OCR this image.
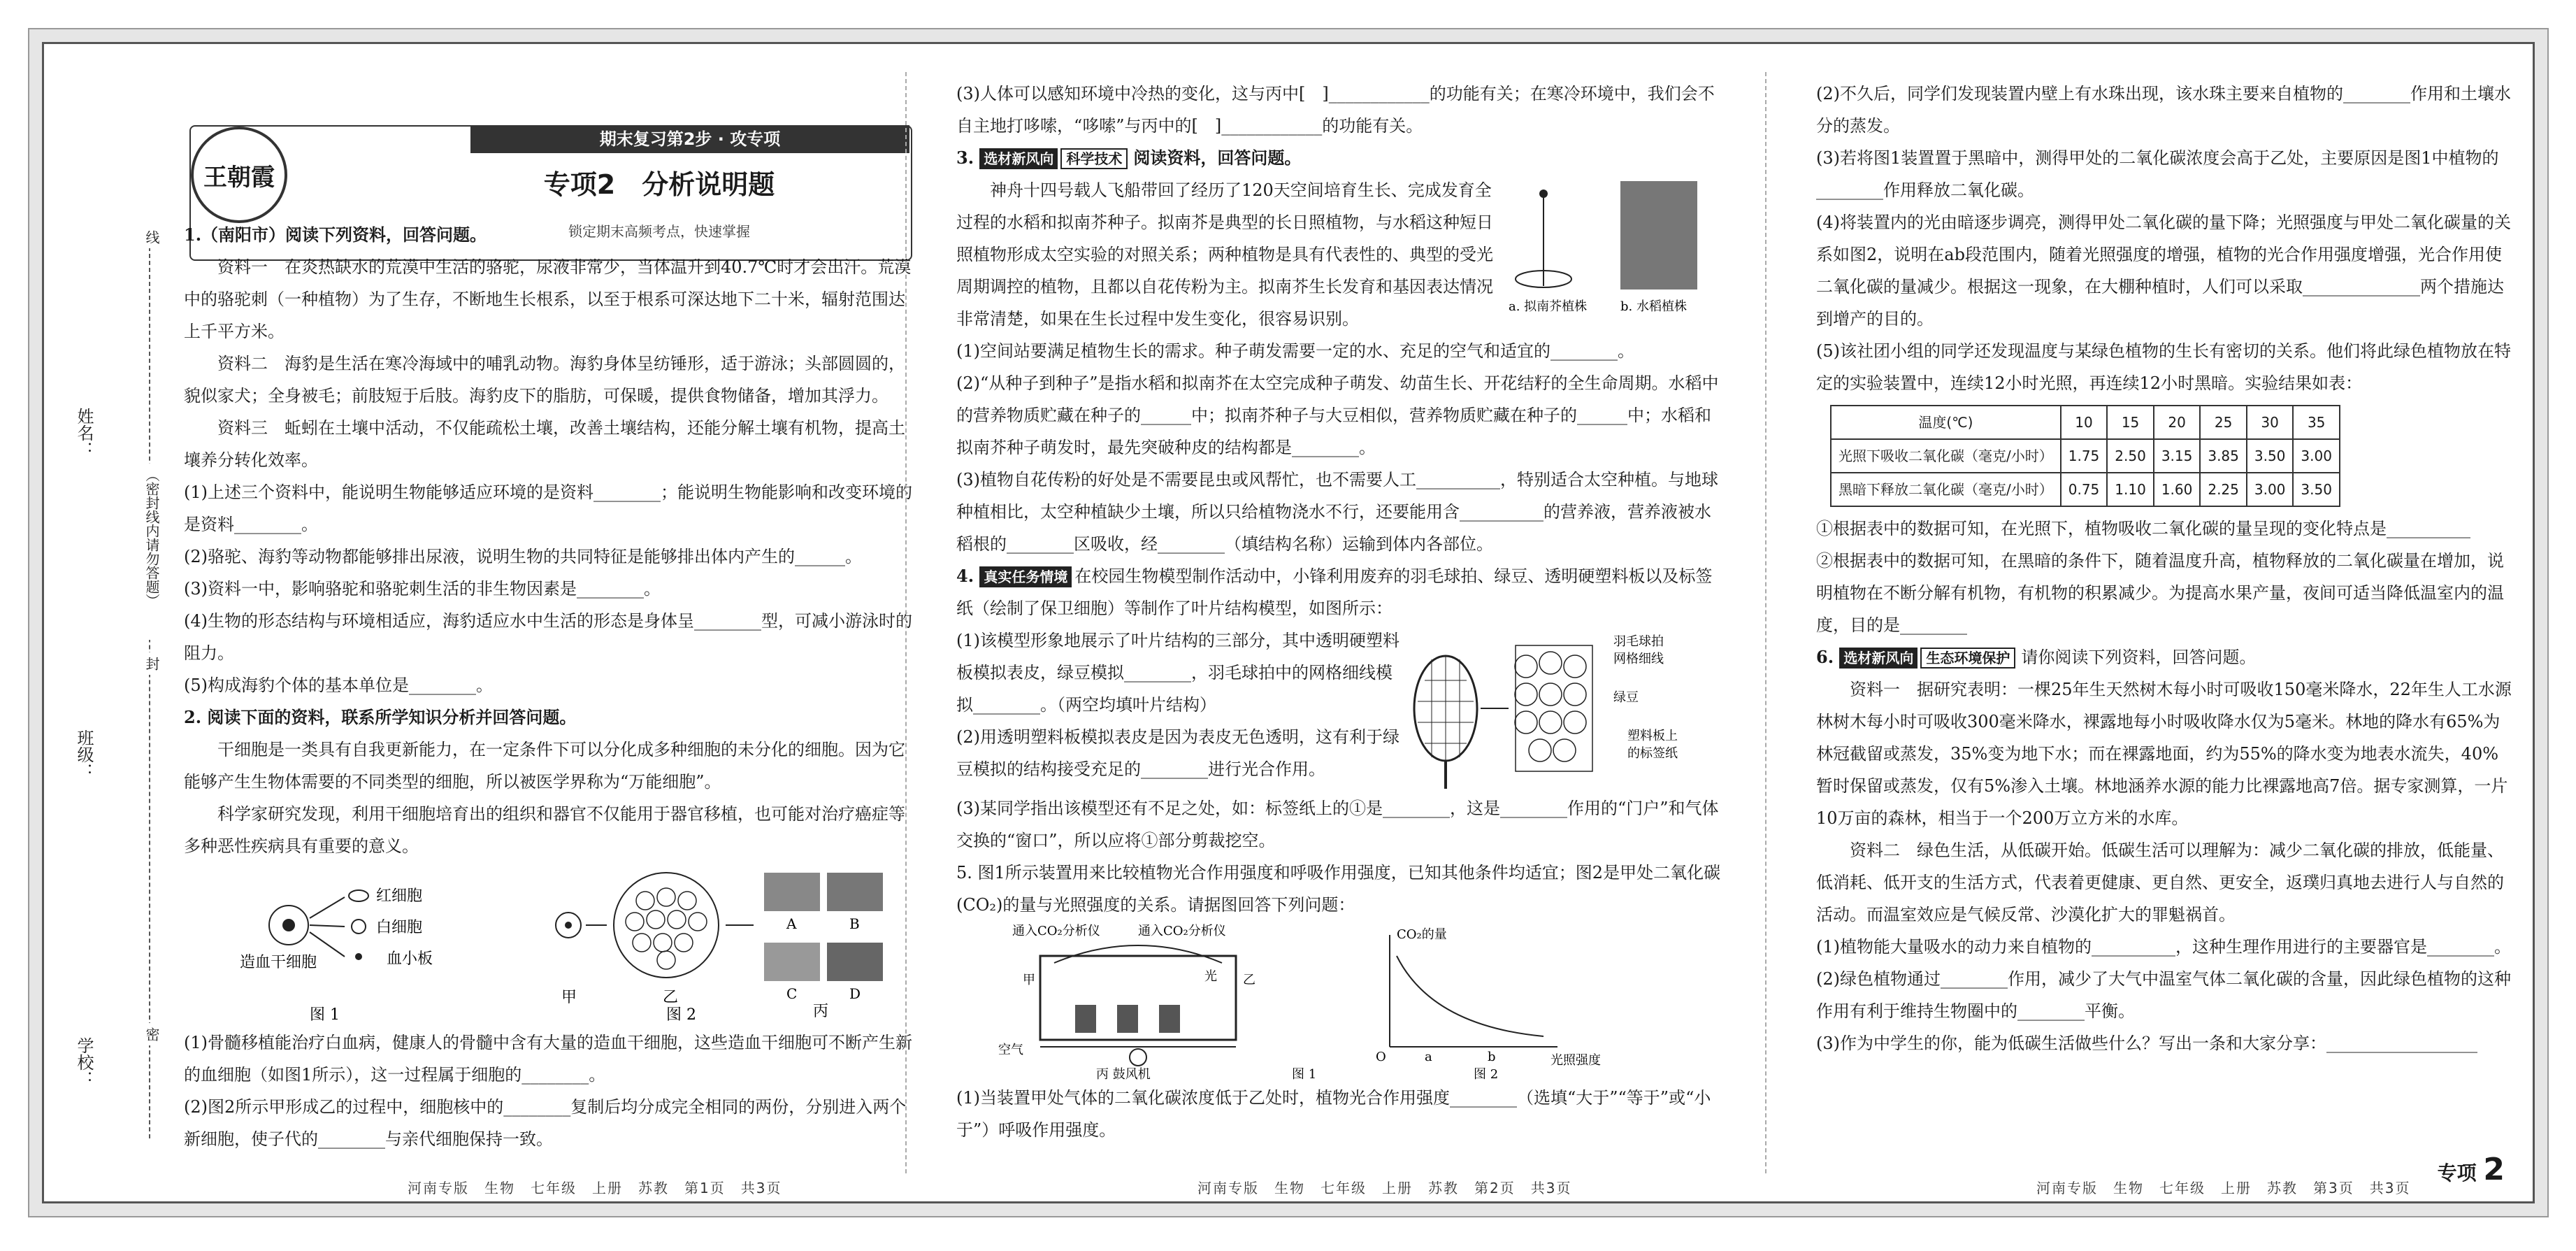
姓名：
班级：
学校：
线
（密封线内请勿答题）
封
密
王朝霞
期末复习第2步 · 攻专项
专项2　分析说明题
锁定期末高频考点，快速掌握

1.（南阳市）阅读下列资料，回答问题。

资料一　在炎热缺水的荒漠中生活的骆驼，尿液非常少，当体温升到40.7℃时才会出汗。荒漠中的骆驼刺（一种植物）为了生存，不断地生长根系，以至于根系可深达地下二十米，辐射范围达上千平方米。

资料二　海豹是生活在寒冷海域中的哺乳动物。海豹身体呈纺锤形，适于游泳；头部圆圆的，貌似家犬；全身被毛；前肢短于后肢。海豹皮下的脂肪，可保暖，提供食物储备，增加其浮力。

资料三　蚯蚓在土壤中活动，不仅能疏松土壤，改善土壤结构，还能分解土壤有机物，提高土壤养分转化效率。

(1)上述三个资料中，能说明生物能够适应环境的是资料________；能说明生物能影响和改变环境的是资料________。

(2)骆驼、海豹等动物都能够排出尿液，说明生物的共同特征是能够排出体内产生的______。

(3)资料一中，影响骆驼和骆驼刺生活的非生物因素是________。

(4)生物的形态结构与环境相适应，海豹适应水中生活的形态是身体呈________型，可减小游泳时的阻力。

(5)构成海豹个体的基本单位是________。

2. 阅读下面的资料，联系所学知识分析并回答问题。

干细胞是一类具有自我更新能力，在一定条件下可以分化成多种细胞的未分化的细胞。因为它能够产生生物体需要的不同类型的细胞，所以被医学界称为“万能细胞”。

科学家研究发现，利用干细胞培育出的组织和器官不仅能用于器官移植，也可能对治疗癌症等多种恶性疾病具有重要的意义。

红细胞
白细胞
血小板
造血干细胞
图 1
A	B
C	D
甲	乙
丙
图 2

(1)骨髓移植能治疗白血病，健康人的骨髓中含有大量的造血干细胞，这些造血干细胞可不断产生新的血细胞（如图1所示），这一过程属于细胞的________。

(2)图2所示甲形成乙的过程中，细胞核中的________复制后均分成完全相同的两份，分别进入两个新细胞，使子代的________与亲代细胞保持一致。

(3)人体可以感知环境中冷热的变化，这与丙中[　]____________的功能有关；在寒冷环境中，我们会不自主地打哆嗦，“哆嗦”与丙中的[　]____________的功能有关。

3. 选材新风向 科学技术 阅读资料，回答问题。

神舟十四号载人飞船带回了经历了120天空间培育生长、完成发育全过程的水稻和拟南芥种子。拟南芥是典型的长日照植物，与水稻这种短日照植物形成太空实验的对照关系；两种植物是具有代表性的、典型的受光周期调控的植物，且都以自花传粉为主。拟南芥生长发育和基因表达情况非常清楚，如果在生长过程中发生变化，很容易识别。

a. 拟南芥植株	b. 水稻植株

(1)空间站要满足植物生长的需求。种子萌发需要一定的水、充足的空气和适宜的________。

(2)“从种子到种子”是指水稻和拟南芥在太空完成种子萌发、幼苗生长、开花结籽的全生命周期。水稻中的营养物质贮藏在种子的______中；拟南芥种子与大豆相似，营养物质贮藏在种子的______中；水稻和拟南芥种子萌发时，最先突破种皮的结构都是________。

(3)植物自花传粉的好处是不需要昆虫或风帮忙，也不需要人工__________，特别适合太空种植。与地球种植相比，太空种植缺少土壤，所以只给植物浇水不行，还要能用含__________的营养液，营养液被水稻根的________区吸收，经________（填结构名称）运输到体内各部位。

4. 真实任务情境 在校园生物模型制作活动中，小锋利用废弃的羽毛球拍、绿豆、透明硬塑料板以及标签纸（绘制了保卫细胞）等制作了叶片结构模型，如图所示：

(1)该模型形象地展示了叶片结构的三部分，其中透明硬塑料板模拟表皮，绿豆模拟________，羽毛球拍中的网格细线模拟________。（两空均填叶片结构）

(2)用透明塑料板模拟表皮是因为表皮无色透明，这有利于绿豆模拟的结构接受充足的________进行光合作用。

羽毛球拍
网格细线
绿豆
塑料板上
的标签纸

(3)某同学指出该模型还有不足之处，如：标签纸上的①是________，这是________作用的“门户”和气体交换的“窗口”，所以应将①部分剪裁挖空。

5. 图1所示装置用来比较植物光合作用强度和呼吸作用强度，已知其他条件均适宜；图2是甲处二氧化碳(CO₂)的量与光照强度的关系。请据图回答下列问题：

通入CO₂分析仪	通入CO₂分析仪
甲	乙
光
空气
丙 鼓风机	图 1
CO₂的量
光照强度
O	a	b
图 2

(1)当装置甲处气体的二氧化碳浓度低于乙处时，植物光合作用强度________（选填“大于”“等于”或“小于”）呼吸作用强度。

(2)不久后，同学们发现装置内壁上有水珠出现，该水珠主要来自植物的________作用和土壤水分的蒸发。

(3)若将图1装置置于黑暗中，测得甲处的二氧化碳浓度会高于乙处，主要原因是图1中植物的________作用释放二氧化碳。

(4)将装置内的光由暗逐步调亮，测得甲处二氧化碳的量下降；光照强度与甲处二氧化碳量的关系如图2，说明在ab段范围内，随着光照强度的增强，植物的光合作用强度增强，光合作用使二氧化碳的量减少。根据这一现象，在大棚种植时，人们可以采取______________两个措施达到增产的目的。

(5)该社团小组的同学还发现温度与某绿色植物的生长有密切的关系。他们将此绿色植物放在特定的实验装置中，连续12小时光照，再连续12小时黑暗。实验结果如表：

温度(℃)	10	15	20	25	30	35
光照下吸收二氧化碳（毫克/小时）	1.75	2.50	3.15	3.85	3.50	3.00
黑暗下释放二氧化碳（毫克/小时）	0.75	1.10	1.60	2.25	3.00	3.50

①根据表中的数据可知，在光照下，植物吸收二氧化碳的量呈现的变化特点是__________

②根据表中的数据可知，在黑暗的条件下，随着温度升高，植物释放的二氧化碳量在增加，说明植物在不断分解有机物，有机物的积累减少。为提高水果产量，夜间可适当降低温室内的温度，目的是________

6. 选材新风向 生态环境保护 请你阅读下列资料，回答问题。

资料一　据研究表明：一棵25年生天然树木每小时可吸收150毫米降水，22年生人工水源林树木每小时可吸收300毫米降水，裸露地每小时吸收降水仅为5毫米。林地的降水有65%为林冠截留或蒸发，35%变为地下水；而在裸露地面，约为55%的降水变为地表水流失，40%暂时保留或蒸发，仅有5%渗入土壤。林地涵养水源的能力比裸露地高7倍。据专家测算，一片10万亩的森林，相当于一个200万立方米的水库。

资料二　绿色生活，从低碳开始。低碳生活可以理解为：减少二氧化碳的排放，低能量、低消耗、低开支的生活方式，代表着更健康、更自然、更安全，返璞归真地去进行人与自然的活动。而温室效应是气候反常、沙漠化扩大的罪魁祸首。

(1)植物能大量吸水的动力来自植物的__________，这种生理作用进行的主要器官是________。

(2)绿色植物通过________作用，减少了大气中温室气体二氧化碳的含量，因此绿色植物的这种作用有利于维持生物圈中的________平衡。

(3)作为中学生的你，能为低碳生活做些什么？写出一条和大家分享：__________________

河南专版　生物　七年级　上册　苏教　第1页　共3页	河南专版　生物　七年级　上册　苏教　第2页　共3页	河南专版　生物　七年级　上册　苏教　第3页　共3页
专项 2
